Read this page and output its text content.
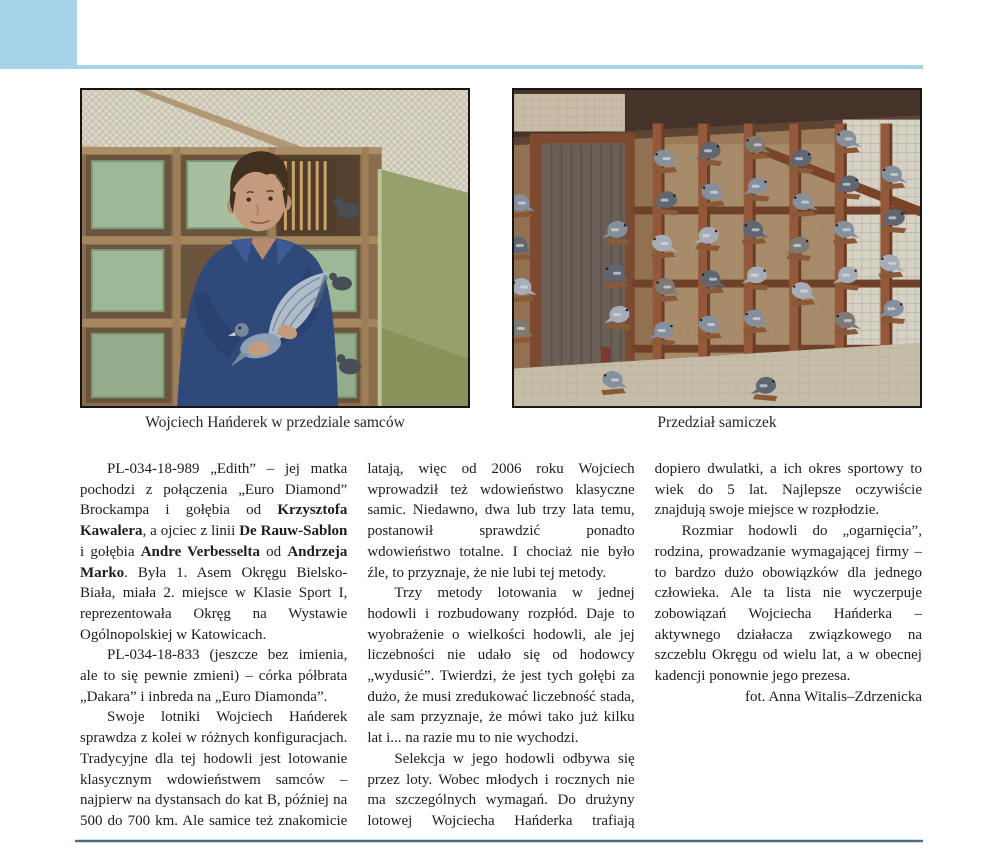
Wojciech Hańderek w przedziale samców	Przedział samiczek

PL-034-18-989 „Edith” – jej matka pochodzi z połączenia „Euro Diamond” Brockampa i gołębia od Krzysztofa Kawalera, a ojciec z linii De Rauw-Sablon i gołębia Andre Verbesselta od Andrzeja Marko. Była 1. Asem Okręgu Bielsko-Biała, miała 2. miejsce w Klasie Sport I, reprezentowała Okręg na Wystawie Ogólnopolskiej w Katowicach.

PL-034-18-833 (jeszcze bez imienia, ale to się pewnie zmieni) – córka półbrata „Dakara” i inbreda na „Euro Diamonda”.

Swoje lotniki Wojciech Hańderek sprawdza z kolei w różnych konfiguracjach. Tradycyjne dla tej hodowli jest lotowanie klasycznym wdowieństwem samców – najpierw na dystansach do kat B, później na 500 do 700 km. Ale samice też znakomicie latają, więc od 2006 roku Wojciech wprowadził też wdowieństwo klasyczne samic. Niedawno, dwa lub trzy lata temu, postanowił sprawdzić ponadto wdowieństwo totalne. I chociaż nie było źle, to przyznaje, że nie lubi tej metody.

Trzy metody lotowania w jednej hodowli i rozbudowany rozpłód. Daje to wyobrażenie o wielkości hodowli, ale jej liczebności nie udało się od hodowcy „wydusić”. Twierdzi, że jest tych gołębi za dużo, że musi zredukować liczebność stada, ale sam przyznaje, że mówi tako już kilku lat i... na razie mu to nie wychodzi.

Selekcja w jego hodowli odbywa się przez loty. Wobec młodych i rocznych nie ma szczególnych wymagań. Do drużyny lotowej Wojciecha Hańderka trafiają dopiero dwulatki, a ich okres sportowy to wiek do 5 lat. Najlepsze oczywiście znajdują swoje miejsce w rozpłodzie.

Rozmiar hodowli do „ogarnięcia”, rodzina, prowadzanie wymagającej firmy – to bardzo dużo obowiązków dla jednego człowieka. Ale ta lista nie wyczerpuje zobowiązań Wojciecha Hańderka – aktywnego działacza związkowego na szczeblu Okręgu od wielu lat, a w obecnej kadencji ponownie jego prezesa.

fot. Anna Witalis–Zdrzenicka
